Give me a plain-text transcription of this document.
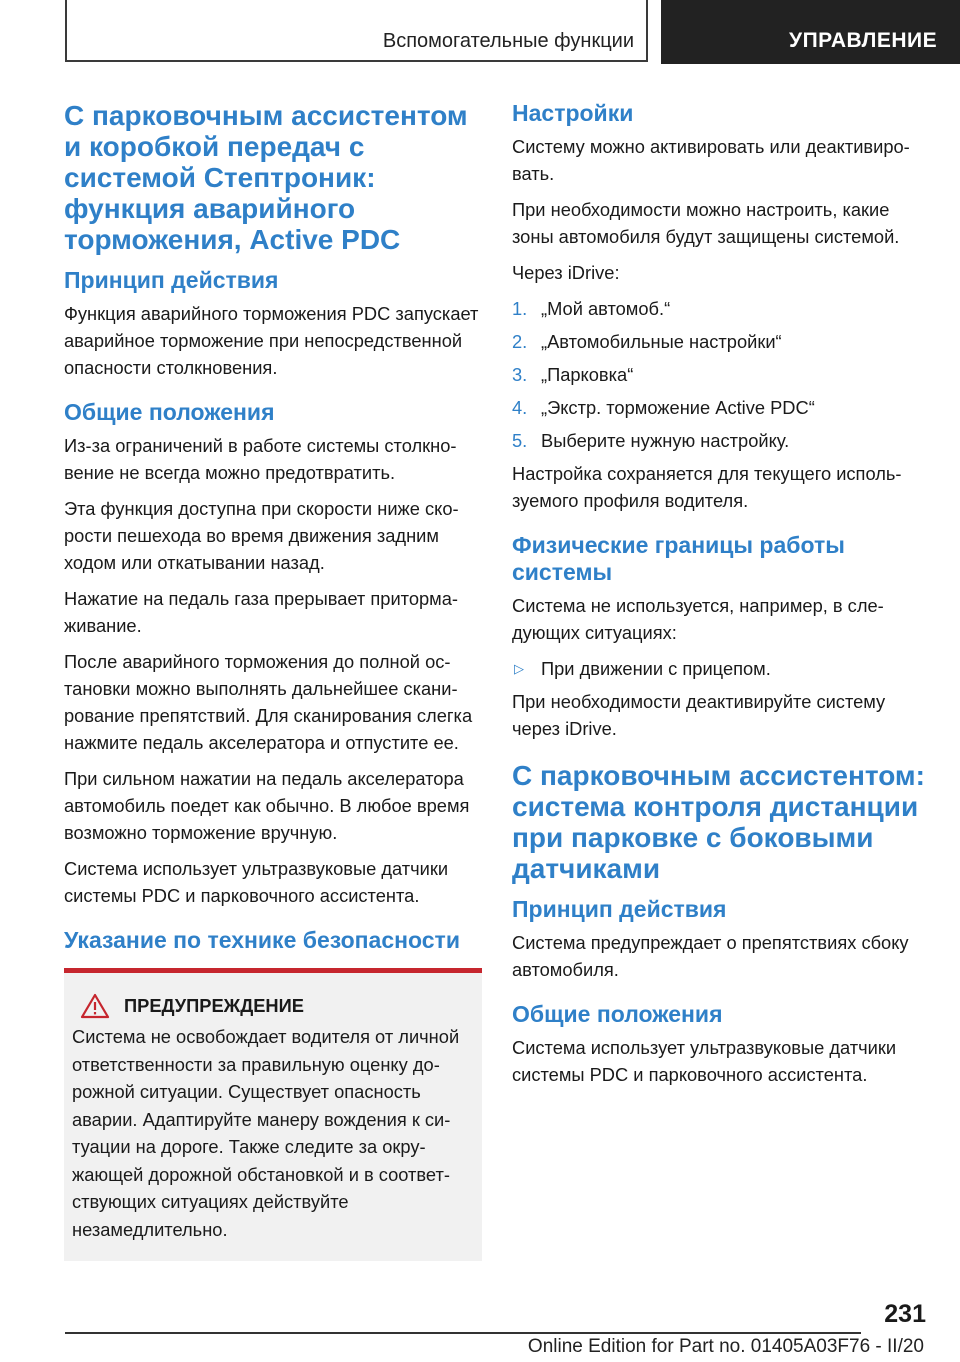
Вспомогательные функции	УПРАВЛЕНИЕ
С парковочным ассистентом и коробкой передач с системой Стептроник: функция аварийного торможения, Active PDC
Принцип действия

Функция аварийного торможения PDC запускает аварийное торможение при непосредственной опасности столкновения.

Общие положения

Из-за ограничений в работе системы столкновение не всегда можно предотвратить.

Эта функция доступна при скорости ниже скорости пешехода во время движения задним ходом или откатывании назад.

Нажатие на педаль газа прерывает притормаживание.

После аварийного торможения до полной остановки можно выполнять дальнейшее сканирование препятствий. Для сканирования слегка нажмите педаль акселератора и отпустите ее.

При сильном нажатии на педаль акселератора автомобиль поедет как обычно. В любое время возможно торможение вручную.

Система использует ультразвуковые датчики системы PDC и парковочного ассистента.

Указание по технике безопасности
ПРЕДУПРЕЖДЕНИЕ

Система не освобождает водителя от личной ответственности за правильную оценку дорожной ситуации. Существует опасность аварии. Адаптируйте манеру вождения к ситуации на дороге. Также следите за окружающей дорожной обстановкой и в соответствующих ситуациях действуйте незамедлительно.

Настройки

Систему можно активировать или деактивировать.

При необходимости можно настроить, какие зоны автомобиля будут защищены системой.

Через iDrive:

1. „Мой автомоб.“
2. „Автомобильные настройки“
3. „Парковка“
4. „Экстр. торможение Active PDC“
5. Выберите нужную настройку.

Настройка сохраняется для текущего используемого профиля водителя.

Физические границы работы системы

Система не используется, например, в следующих ситуациях:

▷ При движении с прицепом.

При необходимости деактивируйте систему через iDrive.

С парковочным ассистентом: система контроля дистанции при парковке с боковыми датчиками
Принцип действия

Система предупреждает о препятствиях сбоку автомобиля.

Общие положения

Система использует ультразвуковые датчики системы PDC и парковочного ассистента.

231
Online Edition for Part no. 01405A03F76 - II/20
